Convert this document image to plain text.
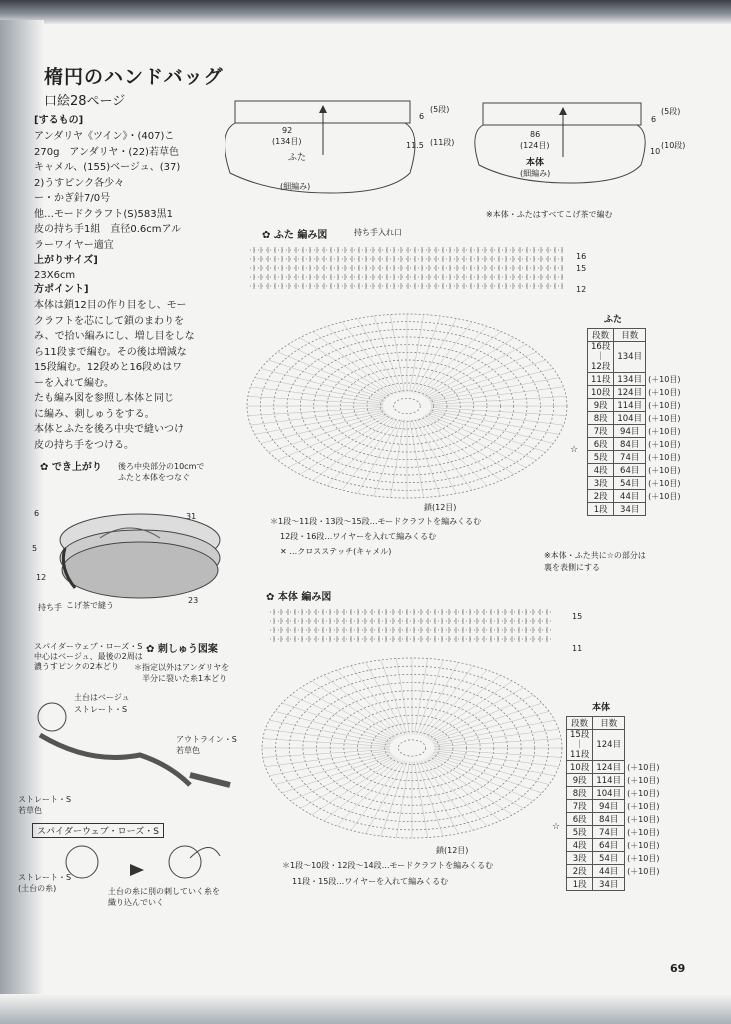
楕円のハンドバッグ
口絵28ページ
[するもの]
アンダリヤ《ツイン》・(407)こ
270g　アンダリヤ・(22)若草色
キャメル、(155)ベージュ、(37)
2)うすピンク各少々
ー・かぎ針7/0号
他…モードクラフト(S)583黒1
皮の持ち手1組　直径0.6cmアル
ラーワイヤー適宜
上がりサイズ]
23X6cm
方ポイント]
本体は鎖12目の作り目をし、モー
クラフトを芯にして鎖のまわりを
み、で拾い編みにし、増し目をしな
ら11段まで編む。その後は増減な
15段編む。12段めと16段めはワ
ーを入れて編む。
たも編み図を参照し本体と同じ
に編み、刺しゅうをする。
本体とふたを後ろ中央で縫いつけ
皮の持ち手をつける。
✿ でき上がり 後ろ中央部分の10cmで
ふたと本体をつなぐ
6
5
12
31
23
持ち手 こげ茶で縫う
✿ 刺しゅう図案
＊指定以外はアンダリヤを
　半分に裂いた糸1本どり
スパイダーウェブ・ローズ・S
中心はベージュ、最後の2周は
濃うすピンクの2本どり
土台はベージュ
ストレート・S
アウトライン・S
若草色
ストレート・S
若草色
スパイダーウェブ・ローズ・S
ストレート・S
(土台の糸)	土台の糸に別の刺していく糸を
織り込んでいく
92
(134目)
ふた
(細編み)
6
(5段)
11.5 (11段)
86
(124目)
本体
(細編み)
6
(5段)
10
(10段)
※本体・ふたはすべてこげ茶で編む
✿ ふた 編み図	持ち手入れ口
16
15
12
鎖(12目)
＊1段～11段・13段～15段…モードクラフトを編みくるむ
12段・16段…ワイヤーを入れて編みくるむ
✕ …クロスステッチ(キャメル)
ふた
段数	目数	
16段
｜
12段	134目	
11段	134目	(＋10目)
10段	124目	(＋10目)
9段	114目	(＋10目)
8段	104目	(＋10目)
7段	94目	(＋10目)
6段	84目	(＋10目)
5段	74目	(＋10目)
4段	64目	(＋10目)
3段	54目	(＋10目)
2段	44目	(＋10目)
1段	34目	
☆
※本体・ふた共に☆の部分は
裏を表側にする
✿ 本体 編み図
15
11
鎖(12目)
＊1段～10段・12段～14段…モードクラフトを編みくるむ
11段・15段…ワイヤーを入れて編みくるむ
本体
段数	目数	
15段
｜
11段	124目	
10段	124目	(＋10目)
9段	114目	(＋10目)
8段	104目	(＋10目)
7段	94目	(＋10目)
6段	84目	(＋10目)
5段	74目	(＋10目)
4段	64目	(＋10目)
3段	54目	(＋10目)
2段	44目	(＋10目)
1段	34目	
☆
69
